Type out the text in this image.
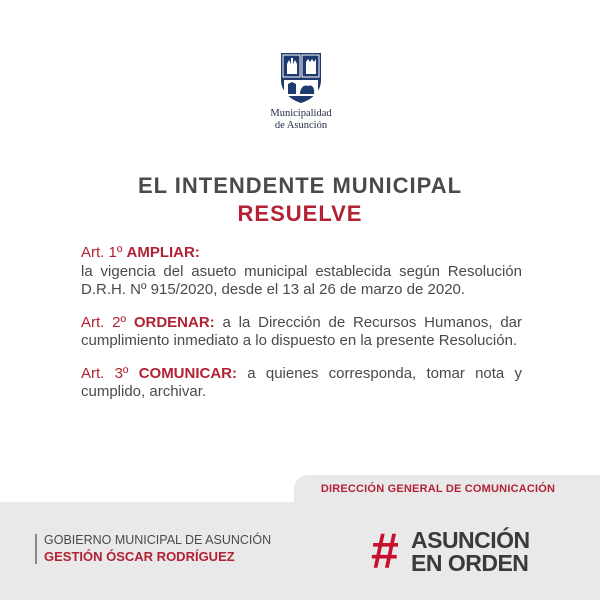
Municipalidad
de Asunción
EL INTENDENTE MUNICIPAL
RESUELVE
Art. 1º AMPLIAR:
la vigencia del asueto municipal establecida según Resolución D.R.H. Nº 915/2020, desde el 13 al 26 de marzo de 2020.
Art. 2º ORDENAR: a la Dirección de Recursos Humanos, dar cumplimiento inmediato a lo dispuesto en la presente Resolución.
Art. 3º COMUNICAR: a quienes corresponda, tomar nota y cumplido, archivar.
DIRECCIÓN GENERAL DE COMUNICACIÓN
GOBIERNO MUNICIPAL DE ASUNCIÓN
GESTIÓN ÓSCAR RODRÍGUEZ	# ASUNCIÓN
EN ORDEN
